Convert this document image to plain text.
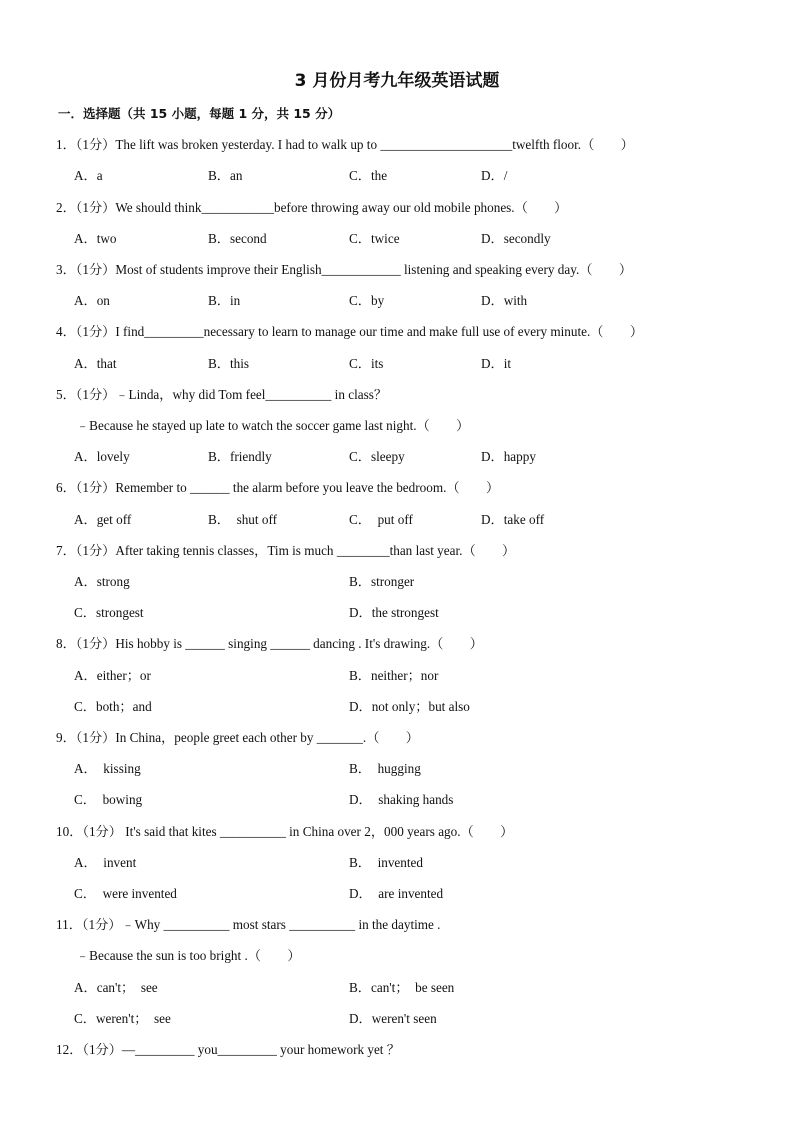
3 月份月考九年级英语试题
一．选择题（共 15 小题，每题 1 分，共 15 分）
1．（1分）The lift was broken yesterday. I had to walk up to ____________________twelfth floor.（　　）
A．a	B．an	C．the	D．/
2．（1分）We should think___________before throwing away our old mobile phones.（　　）
A．two	B．second	C．twice	D．secondly
3．（1分）Most of students improve their English____________ listening and speaking every day.（　　）
A．on	B．in	C．by	D．with
4．（1分）I find_________necessary to learn to manage our time and make full use of every minute.（　　）
A．that	B．this	C．its	D．it
5．（1分）﹣Linda，why did Tom feel__________ in class？
﹣Because he stayed up late to watch the soccer game last night.（　　）
A．lovely	B．friendly	C．sleepy	D．happy
6．（1分）Remember to ______ the alarm before you leave the bedroom.（　　）
A．get off	B．　shut off	C．　put off	D．take off
7．（1分）After taking tennis classes，Tim is much ________than last year.（　　）
A．strong	B．stronger
C．strongest	D．the strongest
8．（1分）His hobby is ______ singing ______ dancing . It's drawing.（　　）
A．either；or	B．neither；nor
C．both；and	D．not only；but also
9．（1分）In China，people greet each other by _______.（　　）
A．　kissing	B．　hugging
C．　bowing	D．　shaking hands
10．（1分） It's said that kites __________ in China over 2，000 years ago.（　　）
A．　invent	B．　invented
C．　were invented	D．　are invented
11．（1分）﹣Why __________ most stars __________ in the daytime .
﹣Because the sun is too bright .（　　）
A．can't；　see	B．can't；　be seen
C．weren't；　see	D．weren't seen
12．（1分）—_________ you_________ your homework yet ？
